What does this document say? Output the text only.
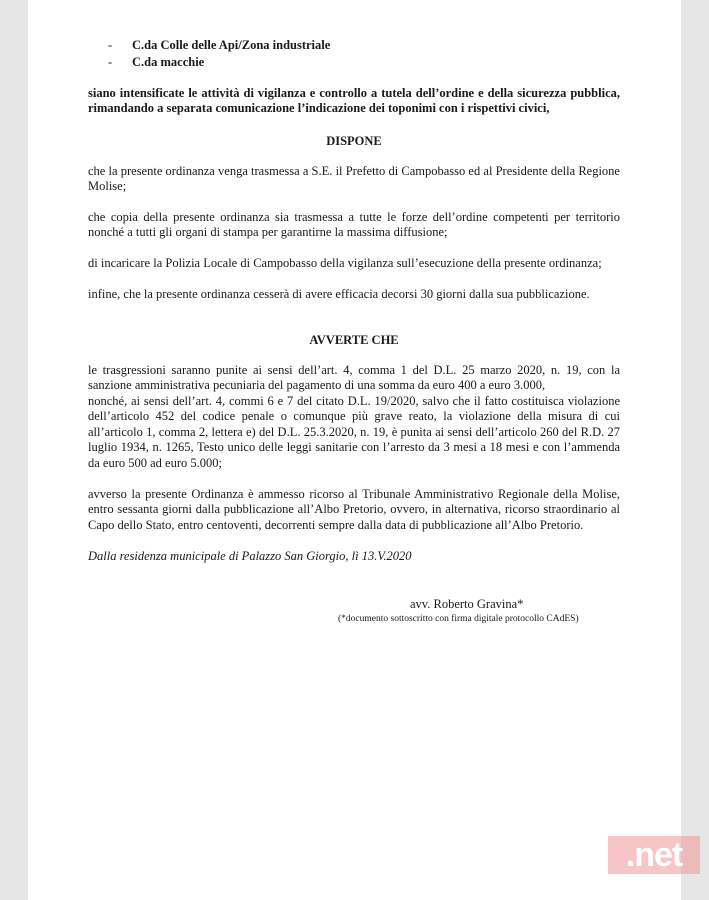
- C.da Colle delle Api/Zona industriale
- C.da macchie
siano intensificate le attività di vigilanza e controllo a tutela dell’ordine e della sicurezza pubblica, rimandando a separata comunicazione l’indicazione dei toponimi con i rispettivi civici,
DISPONE
che la presente ordinanza venga trasmessa a S.E. il Prefetto di Campobasso ed al Presidente della Regione Molise;
che copia della presente ordinanza sia trasmessa a tutte le forze dell’ordine competenti per territorio nonché a tutti gli organi di stampa per garantirne la massima diffusione;
di incaricare la Polizia Locale di Campobasso della vigilanza sull’esecuzione della presente ordinanza;
infine, che la presente ordinanza cesserà di avere efficacia decorsi 30 giorni dalla sua pubblicazione.
AVVERTE CHE
le trasgressioni saranno punite ai sensi dell’art. 4, comma 1 del D.L. 25 marzo 2020, n. 19, con la sanzione amministrativa pecuniaria del pagamento di una somma da euro 400 a euro 3.000,
nonché, ai sensi dell’art. 4, commi 6 e 7 del citato D.L. 19/2020, salvo che il fatto costituisca violazione dell’articolo 452 del codice penale o comunque più grave reato, la violazione della misura di cui all’articolo 1, comma 2, lettera e) del D.L. 25.3.2020, n. 19, è punita ai sensi dell’articolo 260 del R.D. 27 luglio 1934, n. 1265, Testo unico delle leggi sanitarie con l’arresto da 3 mesi a 18 mesi e con l’ammenda da euro 500 ad euro 5.000;
avverso la presente Ordinanza è ammesso ricorso al Tribunale Amministrativo Regionale della Molise, entro sessanta giorni dalla pubblicazione all’Albo Pretorio, ovvero, in alternativa, ricorso straordinario al Capo dello Stato, entro centoventi, decorrenti sempre dalla data di pubblicazione all’Albo Pretorio.
Dalla residenza municipale di Palazzo San Giorgio, lì 13.V.2020
avv. Roberto Gravina*
(*documento sottoscritto con firma digitale protocollo CAdES)
.net
